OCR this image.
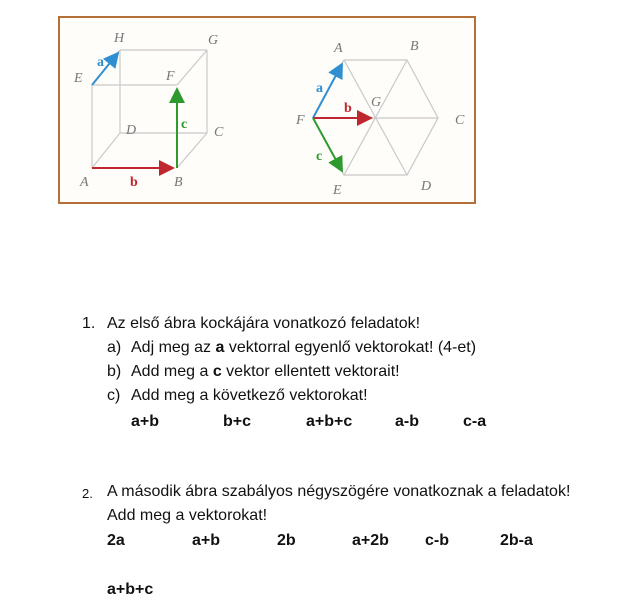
H	G
E	F
D	C
A	B
a
b
c
A	B
C
D
E
F
G
a
b
c
1. Az első ábra kockájára vonatkozó feladatok!
a) Adj meg az a vektorral egyenlő vektorokat! (4-et)
b) Add meg a c vektor ellentett vektorait!
c) Add meg a következő vektorokat!
a+b	b+c	a+b+c	a-b	c-a
2. A második ábra szabályos négyszögére vonatkoznak a feladatok!
Add meg a vektorokat!
2a	a+b	2b	a+2b c-b	2b-a
a+b+c
